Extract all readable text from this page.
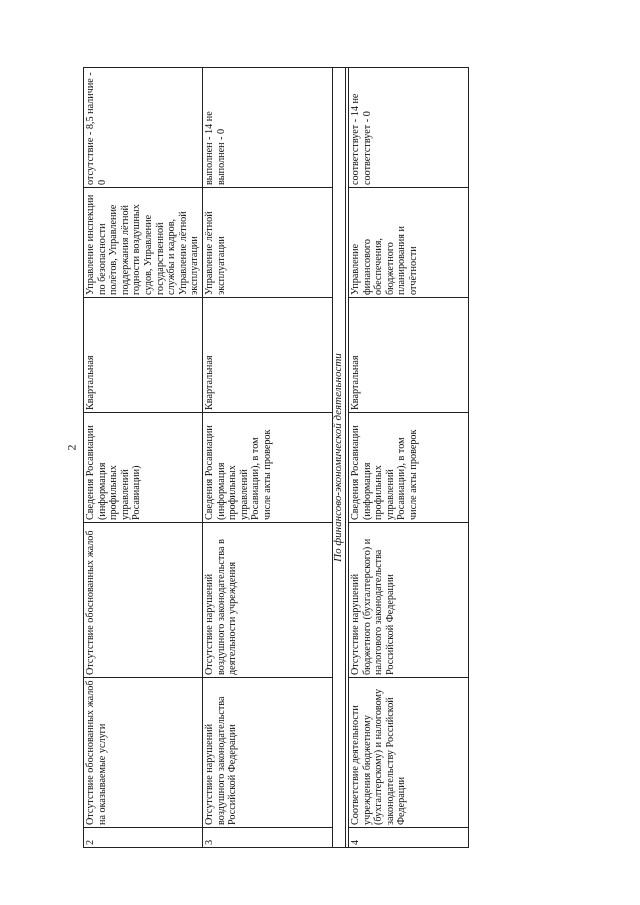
2
2	Отсутствие обоснованных жалоб на оказываемые услуги	Отсутствие обоснованных жалоб	Сведения Росавиации (информация профильных управлений Росавиации)	Квартальная	Управление инспекции по безопасности полётов, Управление поддержания лётной годности воздушных судов, Управление государственной службы и кадров, Управление лётной эксплуатации	отсутствие - 8,5 наличие - 0
3	Отсутствие нарушений воздушного законодательства Российской Федерации	Отсутствие нарушений воздушного законодательства в деятельности учреждения	Сведения Росавиации (информация профильных управлений Росавиации), в том числе акты проверок	Квартальная	Управление лётной эксплуатации	выполнен - 14 не выполнен - 0
По финансово-экономической деятельности						

4	Соответствие деятельности учреждения бюджетному (бухгалтерскому) и налоговому законодательству Российской Федерации	Отсутствие нарушений бюджетного (бухгалтерского) и налогового законодательства Российской Федерации	Сведения Росавиации (информация профильных управлений Росавиации), в том числе акты проверок	Квартальная	Управление финансового обеспечения, бюджетного планирования и отчётности	соответствует - 14 не соответствует - 0
